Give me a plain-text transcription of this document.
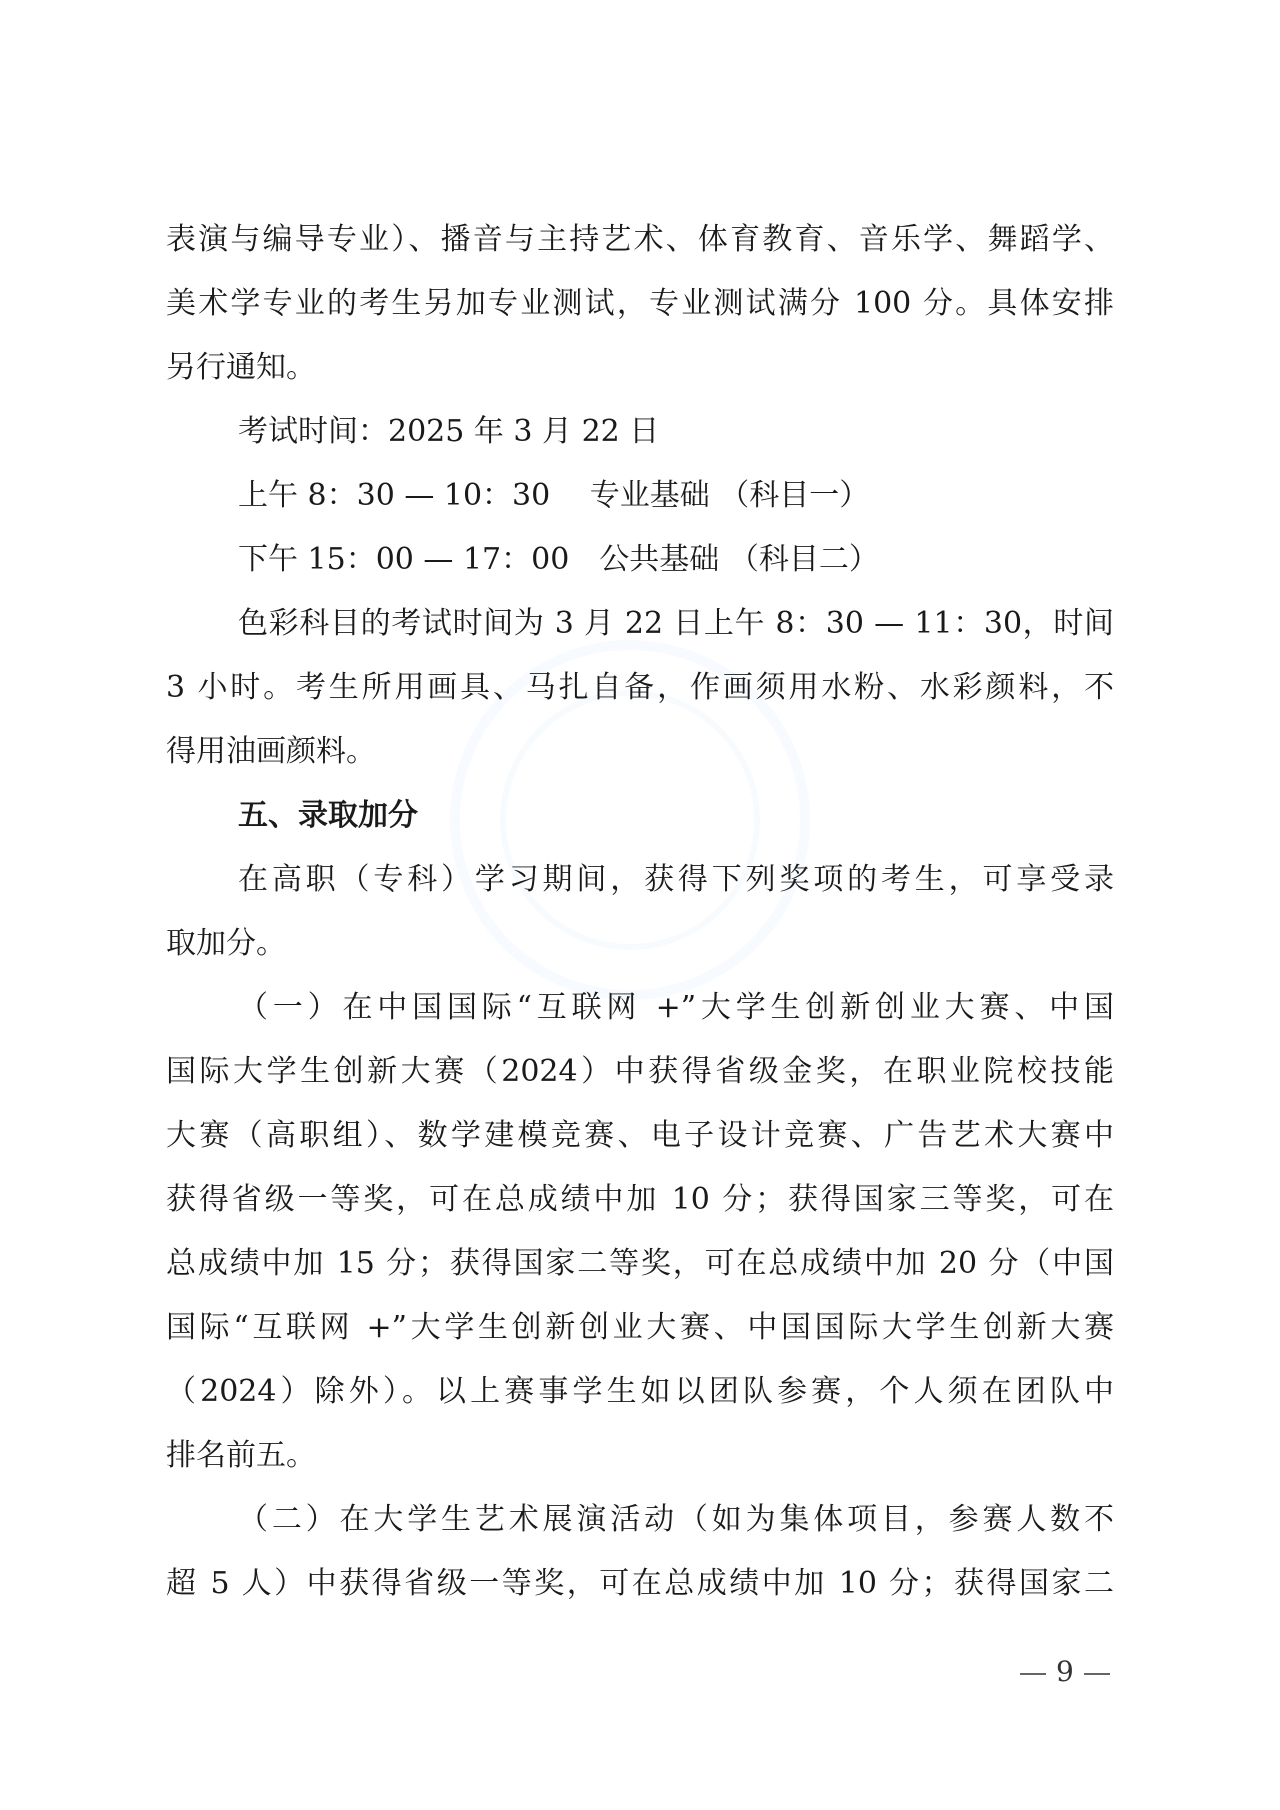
表演与编导专业）、播音与主持艺术、体育教育、音乐学、舞蹈学、
美术学专业的考生另加专业测试，专业测试满分 100 分。具体安排
另行通知。
考试时间：2025 年 3 月 22 日
上午 8：30 — 10：30　 专业基础 （科目一）
下午 15：00 — 17：00　公共基础 （科目二）
色彩科目的考试时间为 3 月 22 日上午 8：30 — 11：30，时间
3 小时。考生所用画具、马扎自备，作画须用水粉、水彩颜料，不
得用油画颜料。
五、录取加分
在高职（专科）学习期间，获得下列奖项的考生，可享受录
取加分。
（一）在中国国际“互联网 +”大学生创新创业大赛、中国
国际大学生创新大赛（2024）中获得省级金奖，在职业院校技能
大赛（高职组）、数学建模竞赛、电子设计竞赛、广告艺术大赛中
获得省级一等奖，可在总成绩中加 10 分；获得国家三等奖，可在
总成绩中加 15 分；获得国家二等奖，可在总成绩中加 20 分（中国
国际“互联网 +”大学生创新创业大赛、中国国际大学生创新大赛
（2024）除外）。以上赛事学生如以团队参赛，个人须在团队中
排名前五。
（二）在大学生艺术展演活动（如为集体项目，参赛人数不
超 5 人）中获得省级一等奖，可在总成绩中加 10 分；获得国家二
9
